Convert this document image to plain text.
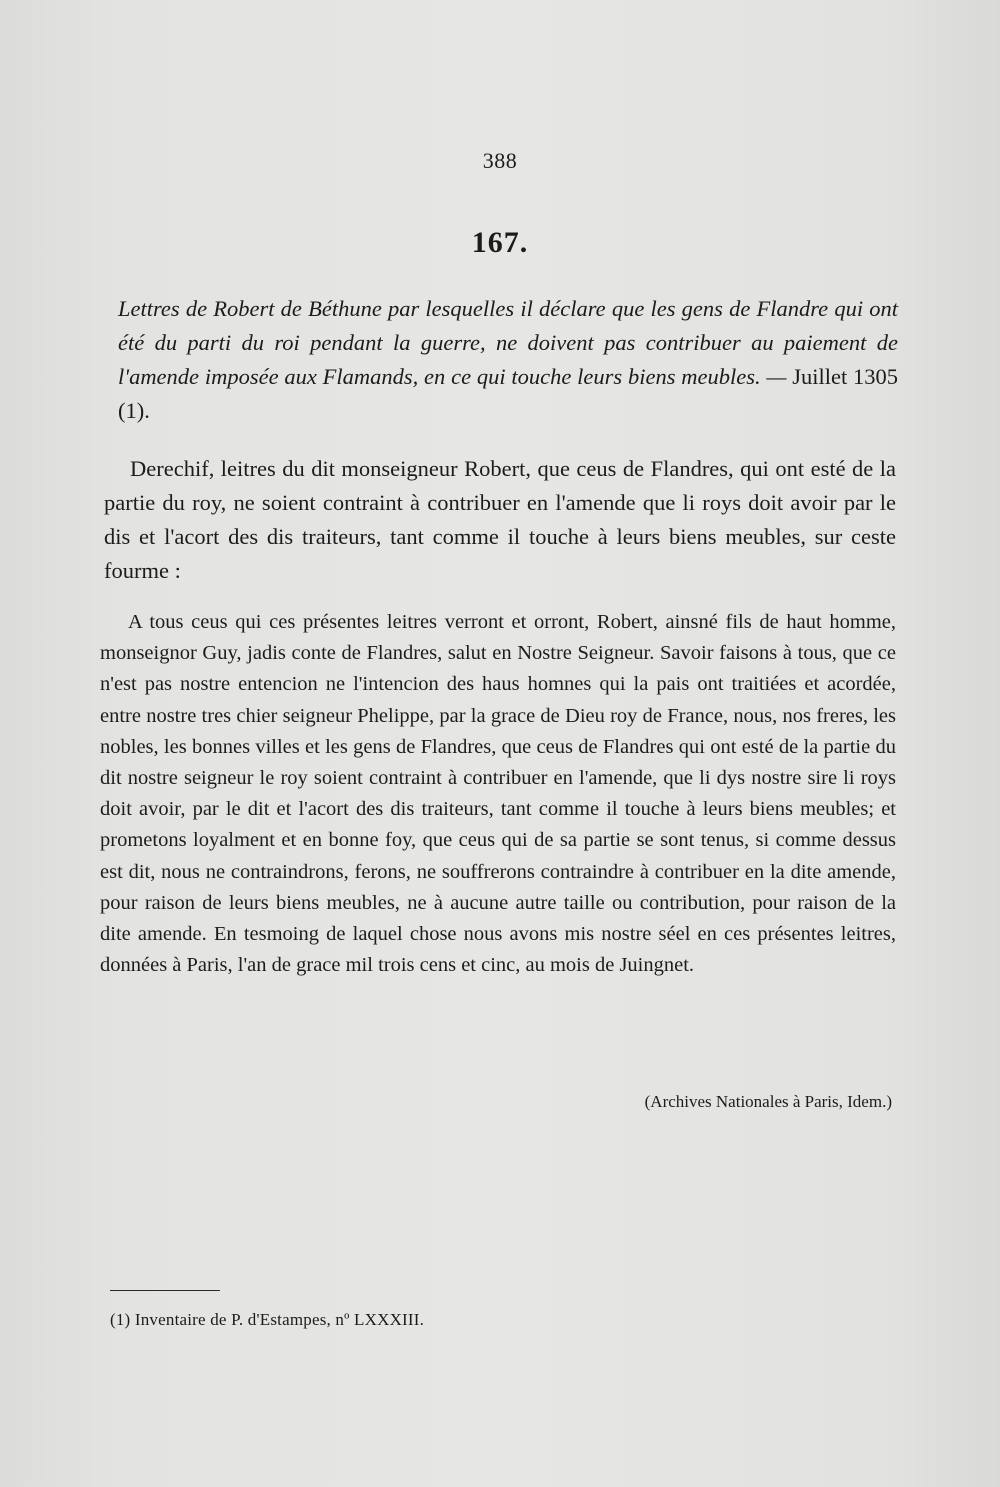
388
167.

Lettres de Robert de Béthune par lesquelles il déclare que les gens de Flandre qui ont été du parti du roi pendant la guerre, ne doivent pas contribuer au paiement de l'amende imposée aux Flamands, en ce qui touche leurs biens meubles. — Juillet 1305 (1).

Derechif, leitres du dit monseigneur Robert, que ceus de Flandres, qui ont esté de la partie du roy, ne soient contraint à contribuer en l'amende que li roys doit avoir par le dis et l'acort des dis traiteurs, tant comme il touche à leurs biens meubles, sur ceste fourme :

A tous ceus qui ces présentes leitres verront et orront, Robert, ainsné fils de haut homme, monseignor Guy, jadis conte de Flandres, salut en Nostre Seigneur. Savoir faisons à tous, que ce n'est pas nostre entencion ne l'intencion des haus homnes qui la pais ont traitiées et acordée, entre nostre tres chier seigneur Phelippe, par la grace de Dieu roy de France, nous, nos freres, les nobles, les bonnes villes et les gens de Flandres, que ceus de Flandres qui ont esté de la partie du dit nostre seigneur le roy soient contraint à contribuer en l'amende, que li dys nostre sire li roys doit avoir, par le dit et l'acort des dis traiteurs, tant comme il touche à leurs biens meubles; et prometons loyalment et en bonne foy, que ceus qui de sa partie se sont tenus, si comme dessus est dit, nous ne contraindrons, ferons, ne souffrerons contraindre à contribuer en la dite amende, pour raison de leurs biens meubles, ne à aucune autre taille ou contribution, pour raison de la dite amende. En tesmoing de laquel chose nous avons mis nostre séel en ces présentes leitres, données à Paris, l'an de grace mil trois cens et cinc, au mois de Juingnet.

(Archives Nationales à Paris, Idem.)
(1) Inventaire de P. d'Estampes, nº LXXXIII.
